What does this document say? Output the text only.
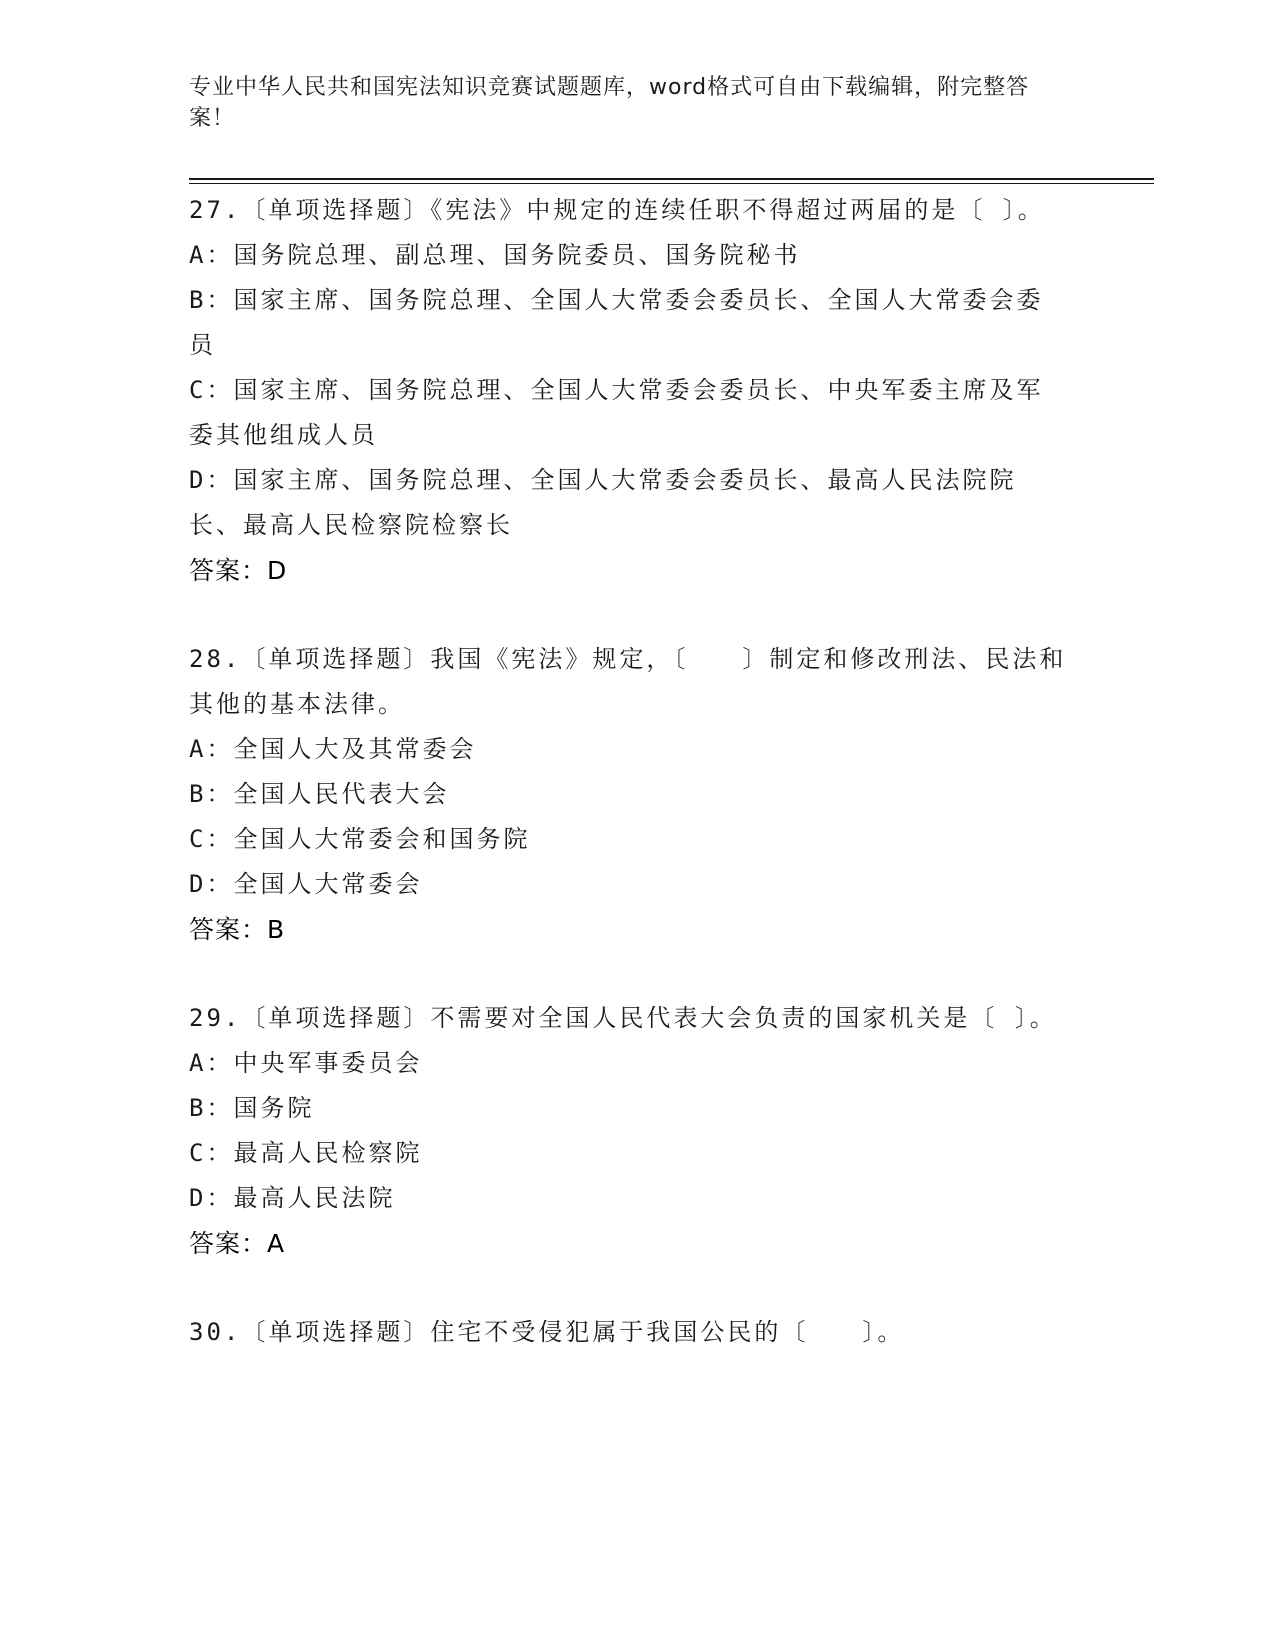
专业中华人民共和国宪法知识竞赛试题题库，word格式可自由下载编辑，附完整答案！

27.〔单项选择题〕《宪法》中规定的连续任职不得超过两届的是〔 〕。

A：国务院总理、副总理、国务院委员、国务院秘书

B：国家主席、国务院总理、全国人大常委会委员长、全国人大常委会委员

C：国家主席、国务院总理、全国人大常委会委员长、中央军委主席及军委其他组成人员

D：国家主席、国务院总理、全国人大常委会委员长、最高人民法院院长、最高人民检察院检察长

答案：D

28.〔单项选择题〕我国《宪法》规定，〔　　〕制定和修改刑法、民法和其他的基本法律。

A：全国人大及其常委会

B：全国人民代表大会

C：全国人大常委会和国务院

D：全国人大常委会

答案：B

29.〔单项选择题〕不需要对全国人民代表大会负责的国家机关是〔 〕。

A：中央军事委员会

B：国务院

C：最高人民检察院

D：最高人民法院

答案：A

30.〔单项选择题〕住宅不受侵犯属于我国公民的〔　　〕。
